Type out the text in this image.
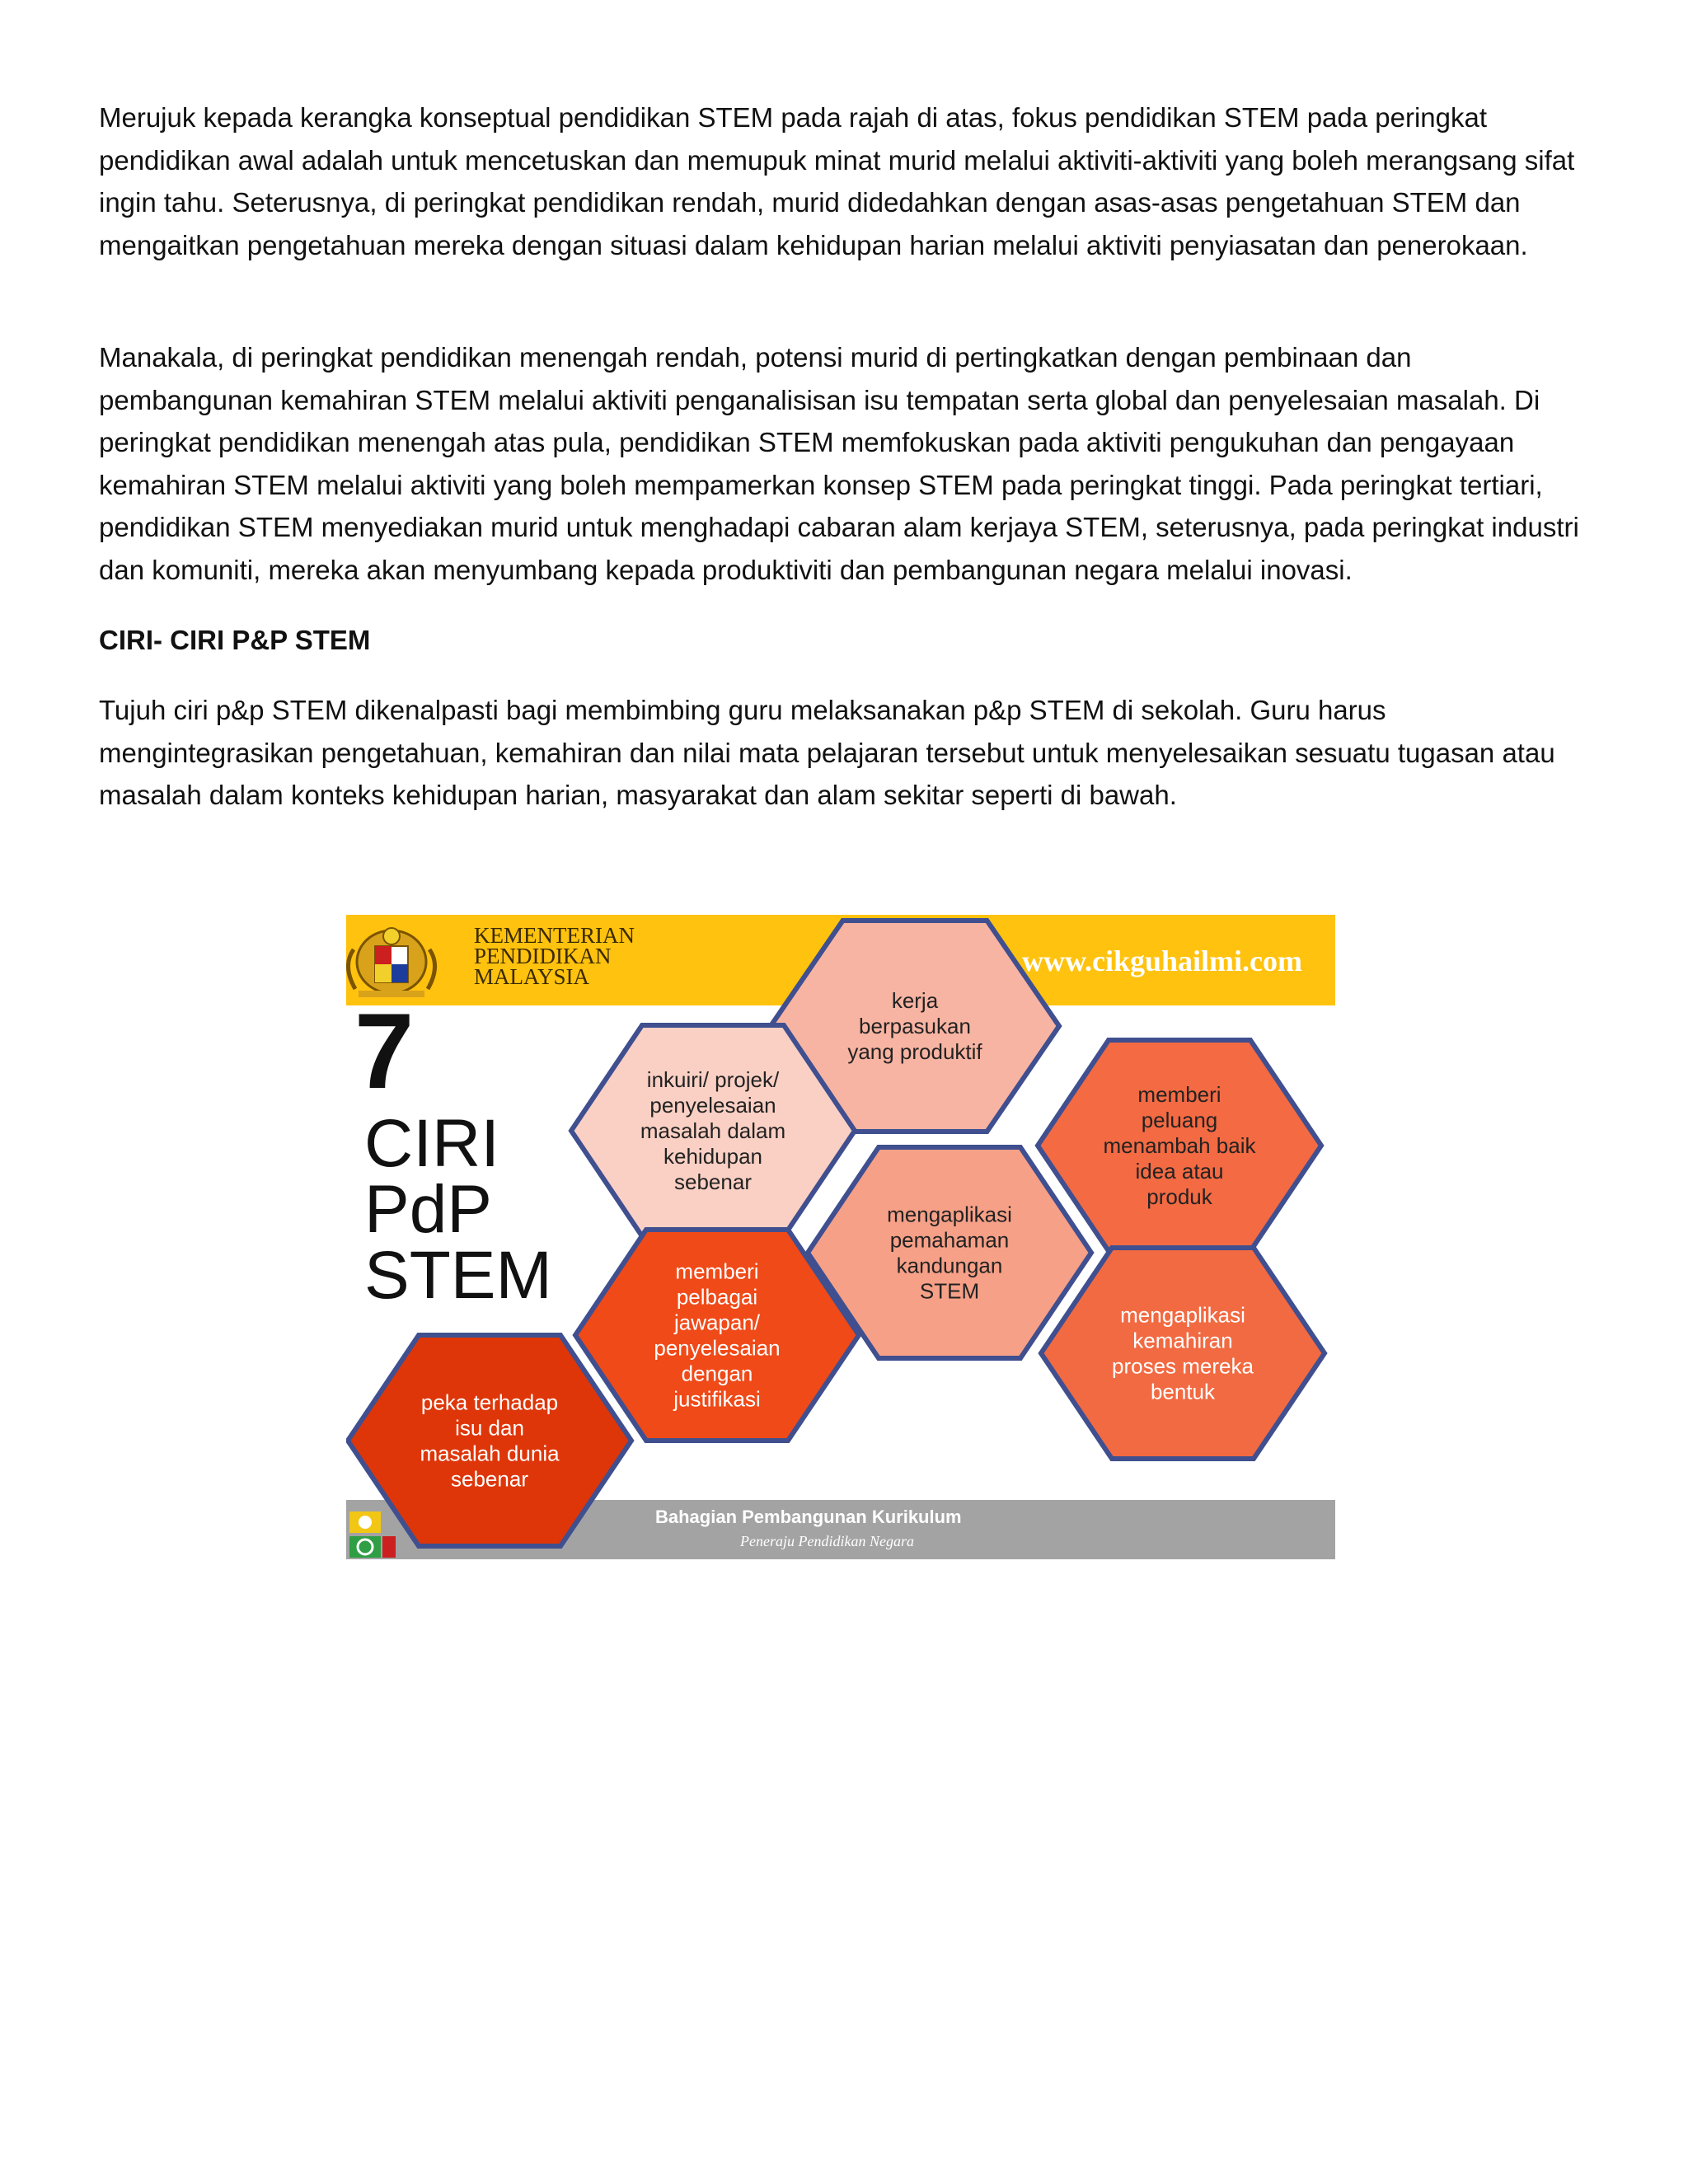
Merujuk kepada kerangka konseptual pendidikan STEM pada rajah di atas, fokus pendidikan STEM pada peringkat pendidikan awal adalah untuk mencetuskan dan memupuk minat murid melalui aktiviti-aktiviti yang boleh merangsang sifat ingin tahu. Seterusnya, di peringkat pendidikan rendah, murid didedahkan dengan asas-asas pengetahuan STEM dan mengaitkan pengetahuan mereka dengan situasi dalam kehidupan harian melalui aktiviti penyiasatan dan penerokaan.

Manakala, di peringkat pendidikan menengah rendah, potensi murid di pertingkatkan dengan pembinaan dan pembangunan kemahiran STEM melalui aktiviti penganalisisan isu tempatan serta global dan penyelesaian masalah. Di peringkat pendidikan menengah atas pula, pendidikan STEM memfokuskan pada aktiviti pengukuhan dan pengayaan kemahiran STEM melalui aktiviti yang boleh mempamerkan konsep STEM pada peringkat tinggi. Pada peringkat tertiari, pendidikan STEM menyediakan murid untuk menghadapi cabaran alam kerjaya STEM, seterusnya, pada peringkat industri dan komuniti, mereka akan menyumbang kepada produktiviti dan pembangunan negara melalui inovasi.

CIRI- CIRI P&P STEM

Tujuh ciri p&p STEM dikenalpasti bagi membimbing guru melaksanakan p&p STEM di sekolah. Guru harus mengintegrasikan pengetahuan, kemahiran dan nilai mata pelajaran tersebut untuk menyelesaikan sesuatu tugasan atau masalah dalam konteks kehidupan harian, masyarakat dan alam sekitar seperti di bawah.

KEMENTERIAN
PENDIDIKAN
MALAYSIA	www.cikguhailmi.com
7
CIRI
PdP
STEM
kerja
berpasukan
yang produktif
inkuiri/ projek/
penyelesaian
masalah dalam
kehidupan
sebenar
memberi
peluang
menambah baik
idea atau
produk
mengaplikasi
pemahaman
kandungan
STEM
memberi
pelbagai
jawapan/
penyelesaian
dengan
justifikasi
mengaplikasi
kemahiran
proses mereka
bentuk
peka terhadap
isu dan
masalah dunia
sebenar
Bahagian Pembangunan Kurikulum
Peneraju Pendidikan Negara
